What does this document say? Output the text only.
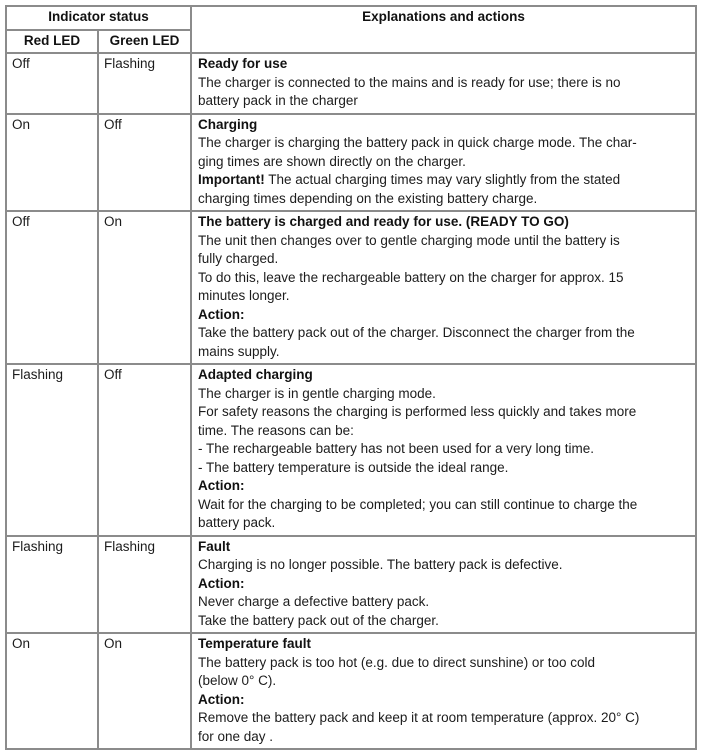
Indicator status		Explanations and actions
Red LED	Green LED	
Off	Flashing	Ready for use
The charger is connected to the mains and is ready for use; there is no
battery pack in the charger

On	Off	Charging
The charger is charging the battery pack in quick charge mode. The char-
ging times are shown directly on the charger.
Important! The actual charging times may vary slightly from the stated
charging times depending on the existing battery charge.

Off	On	The battery is charged and ready for use. (READY TO GO)
The unit then changes over to gentle charging mode until the battery is
fully charged.
To do this, leave the rechargeable battery on the charger for approx. 15
minutes longer.
Action:
Take the battery pack out of the charger. Disconnect the charger from the
mains supply.

Flashing	Off	Adapted charging
The charger is in gentle charging mode.
For safety reasons the charging is performed less quickly and takes more
time. The reasons can be:
- The rechargeable battery has not been used for a very long time.
- The battery temperature is outside the ideal range.
Action:
Wait for the charging to be completed; you can still continue to charge the
battery pack.

Flashing	Flashing	Fault
Charging is no longer possible. The battery pack is defective.
Action:
Never charge a defective battery pack.
Take the battery pack out of the charger.

On	On	Temperature fault
The battery pack is too hot (e.g. due to direct sunshine) or too cold
(below 0° C).
Action:
Remove the battery pack and keep it at room temperature (approx. 20° C)
for one day .
